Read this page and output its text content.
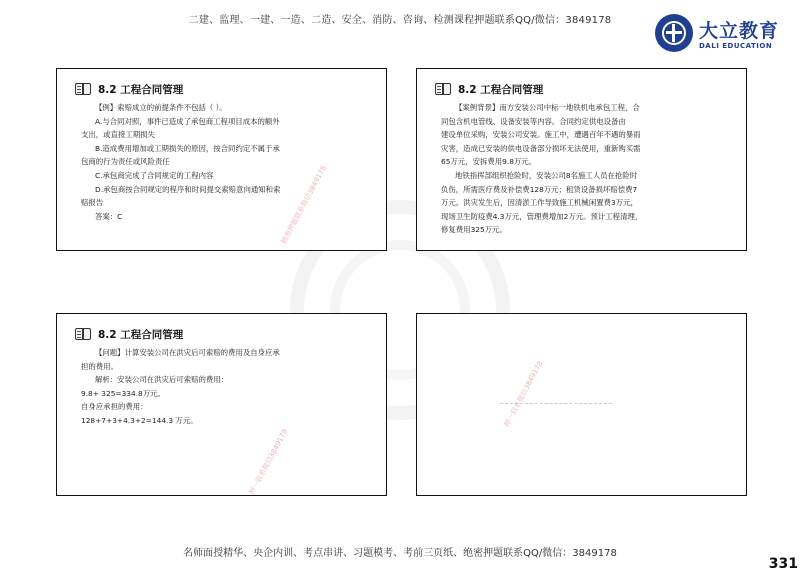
二建、监理、一建、一造、二造、安全、消防、咨询、检测课程押题联系QQ/微信：3849178	大立教育
DALI EDUCATION
8.2 工程合同管理

【例】索赔成立的前提条件不包括（ ）。

A.与合同对照，事件已造成了承包商工程项目成本的额外

支出，或直接工期损失

B.造成费用增加或工期损失的原因，按合同约定不属于承

包商的行为责任或风险责任

C.承包商完成了合同规定的工程内容

D.承包商按合同规定的程序和时间提交索赔意向通知和索

赔报告

答案：C	精准押题联系微信3849178
8.2 工程合同管理

【案例背景】南方安装公司中标一地铁机电承包工程，合

同包含机电管线、设备安装等内容。合同约定供电设备由

建设单位采购，安装公司安装。施工中，遭遇百年不遇的暴雨

灾害，造成已安装的供电设备部分损坏无法使用，重新购买需

65万元，安拆费用9.8万元。

地铁指挥部组织抢险时，安装公司8名施工人员在抢险时

负伤，所需医疗费及补偿费128万元；租赁设备损坏赔偿费7

万元。洪灾发生后，因清淤工作导致施工机械闲置费3万元，

现场卫生防疫费4.3万元，管理费增加2万元。预计工程清理，

修复费用325万元。

8.2 工程合同管理

【问题】计算安装公司在洪灾后可索赔的费用及自身应承

担的费用。

解析：安装公司在洪灾后可索赔的费用：

9.8+ 325=334.8万元。

自身应承担的费用：

128+7+3+4.3+2=144.3 万元。

押一联系微信3849178
押一联系微信3849178
名师面授精华、央企内训、考点串讲、习题模考、考前三页纸、绝密押题联系QQ/微信：3849178
331
